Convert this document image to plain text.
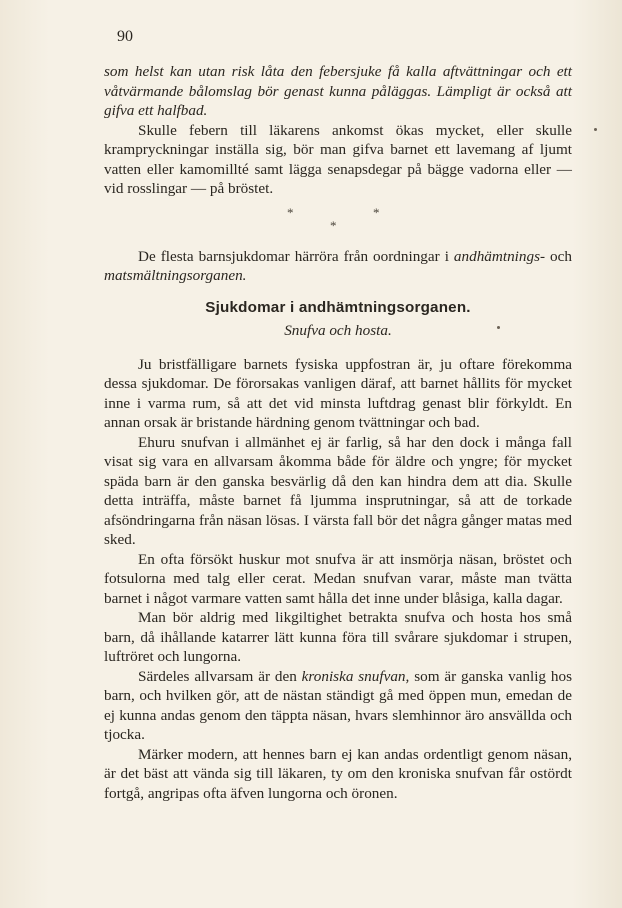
90

som helst kan utan risk låta den febersjuke få kalla aftvättningar och ett våtvärmande bålomslag bör genast kunna påläggas. Lämpligt är också att gifva ett halfbad.

Skulle febern till läkarens ankomst ökas mycket, eller skulle krampryckningar inställa sig, bör man gifva barnet ett lavemang af ljumt vatten eller kamomillté samt lägga senapsdegar på bägge vadorna eller — vid rosslingar — på bröstet.

*	*
*

De flesta barnsjukdomar härröra från oordningar i andhämtnings- och matsmältningsorganen.

Sjukdomar i andhämtningsorganen.
Snufva och hosta.

Ju bristfälligare barnets fysiska uppfostran är, ju oftare förekomma dessa sjukdomar. De förorsakas vanligen däraf, att barnet hållits för mycket inne i varma rum, så att det vid minsta luftdrag genast blir förkyldt. En annan orsak är bristande härdning genom tvättningar och bad.

Ehuru snufvan i allmänhet ej är farlig, så har den dock i många fall visat sig vara en allvarsam åkomma både för äldre och yngre; för mycket späda barn är den ganska besvärlig då den kan hindra dem att dia. Skulle detta inträffa, måste barnet få ljumma insprutningar, så att de torkade afsöndringarna från näsan lösas. I värsta fall bör det några gånger matas med sked.

En ofta försökt huskur mot snufva är att insmörja näsan, bröstet och fotsulorna med talg eller cerat. Medan snufvan varar, måste man tvätta barnet i något varmare vatten samt hålla det inne under blåsiga, kalla dagar.

Man bör aldrig med likgiltighet betrakta snufva och hosta hos små barn, då ihållande katarrer lätt kunna föra till svårare sjukdomar i strupen, luftröret och lungorna.

Särdeles allvarsam är den kroniska snufvan, som är ganska vanlig hos barn, och hvilken gör, att de nästan ständigt gå med öppen mun, emedan de ej kunna andas genom den täppta näsan, hvars slemhinnor äro ansvällda och tjocka.

Märker modern, att hennes barn ej kan andas ordentligt genom näsan, är det bäst att vända sig till läkaren, ty om den kroniska snufvan får ostördt fortgå, angripas ofta äfven lungorna och öronen.
